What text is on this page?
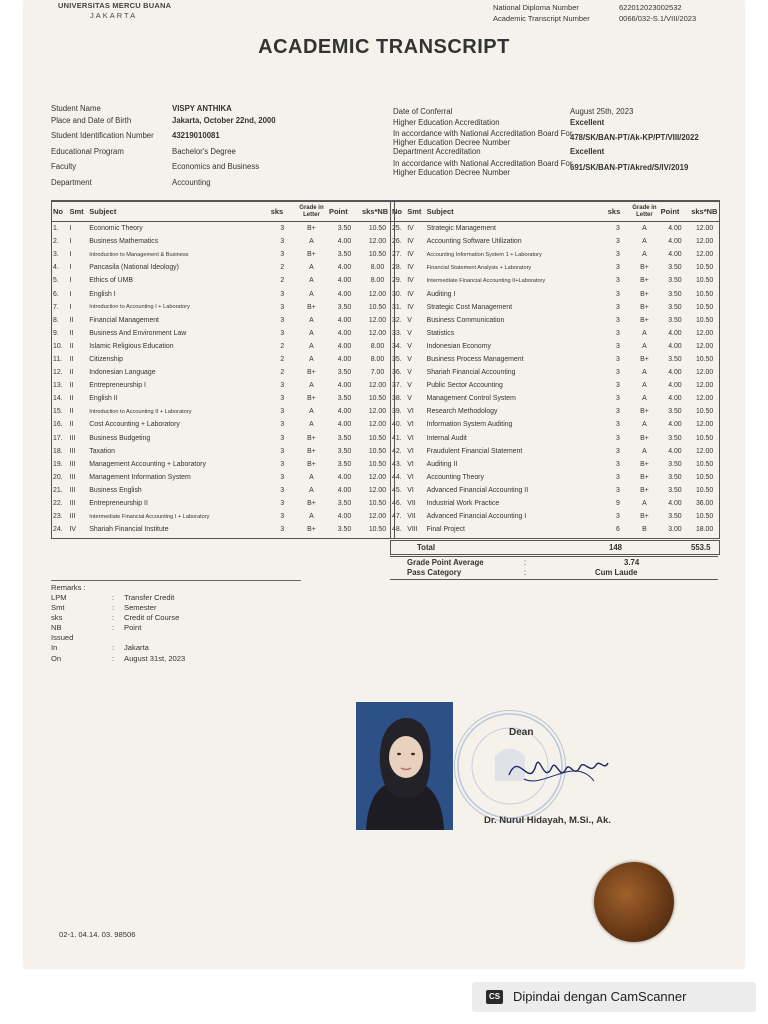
UNIVERSITAS MERCU BUANA
JAKARTA
National Diploma Number	622012023002532
Academic Transcript Number	0066/032-S.1/VIII/2023
ACADEMIC TRANSCRIPT
Student Name	VISPY ANTHIKA
Place and Date of Birth	Jakarta, October 22nd, 2000
Student Identification Number 43219010081
Educational Program	Bachelor's Degree
Faculty	Economics and Business
Department	Accounting
Date of Conferral	August 25th, 2023
Higher Education Accreditation	Excellent
In accordance with National Accreditation Board For Higher Education Decree Number
478/SK/BAN-PT/Ak-KP/PT/VIII/2022
Department Accreditation	Excellent
In accordance with National Accreditation Board For Higher Education Decree Number
691/SK/BAN-PT/Akred/S/IV/2019
No	Smt	Subject	sks	Grade in Letter	Point	sks*NB
1.	I	Economic Theory	3	B+	3.50	10.50
2.	I	Business Mathematics	3	A	4.00	12.00
3.	I	Introduction to Management & Business	3	B+	3.50	10.50
4.	I	Pancasila (National Ideology)	2	A	4.00	8.00
5.	I	Ethics of UMB	2	A	4.00	8.00
6.	I	English I	3	A	4.00	12.00
7.	I	Introduction to Accounting I + Laboratory	3	B+	3.50	10.50
8.	II	Financial Management	3	A	4.00	12.00
9.	II	Business And Environment Law	3	A	4.00	12.00
10.	II	Islamic Religious Education	2	A	4.00	8.00
11.	II	Citizenship	2	A	4.00	8.00
12.	II	Indonesian Language	2	B+	3.50	7.00
13.	II	Entrepreneurship I	3	A	4.00	12.00
14.	II	English II	3	B+	3.50	10.50
15.	II	Introduction to Accounting II + Laboratory	3	A	4.00	12.00
16.	II	Cost Accounting + Laboratory	3	A	4.00	12.00
17.	III	Business Budgeting	3	B+	3.50	10.50
18.	III	Taxation	3	B+	3.50	10.50
19.	III	Management Accounting + Laboratory	3	B+	3.50	10.50
20.	III	Management Information System	3	A	4.00	12.00
21.	III	Business English	3	A	4.00	12.00
22.	III	Entrepreneurship II	3	B+	3.50	10.50
23.	III	Intermediate Financial Accounting I + Laboratory	3	A	4.00	12.00
24.	IV	Shariah Financial Institute	3	B+	3.50	10.50
No	Smt	Subject	sks	Grade in Letter	Point	sks*NB
25.	IV	Strategic Management	3	A	4.00	12.00
26.	IV	Accounting Software Utilization	3	A	4.00	12.00
27.	IV	Accounting Information System 1 + Laboratory	3	A	4.00	12.00
28.	IV	Financial Statement Analysis + Laboratory	3	B+	3.50	10.50
29.	IV	Intermediate Financial Accounting II+Laboratory	3	B+	3.50	10.50
30.	IV	Auditing I	3	B+	3.50	10.50
31.	IV	Strategic Cost Management	3	B+	3.50	10.50
32.	V	Business Communication	3	B+	3.50	10.50
33.	V	Statistics	3	A	4.00	12.00
34.	V	Indonesian Economy	3	A	4.00	12.00
35.	V	Business Process Management	3	B+	3.50	10.50
36.	V	Shariah Financial Accounting	3	A	4.00	12.00
37.	V	Public Sector Accounting	3	A	4.00	12.00
38.	V	Management Control System	3	A	4.00	12.00
39.	VI	Research Methodology	3	B+	3.50	10.50
40.	VI	Information System Auditing	3	A	4.00	12.00
41.	VI	Internal Audit	3	B+	3.50	10.50
42.	VI	Fraudulent Financial Statement	3	A	4.00	12.00
43.	VI	Auditing II	3	B+	3.50	10.50
44.	VI	Accounting Theory	3	B+	3.50	10.50
45.	VI	Advanced Financial Accounting II	3	B+	3.50	10.50
46.	VII	Industrial Work Practice	9	A	4.00	36.00
47.	VII	Advanced Financial Accounting I	3	B+	3.50	10.50
48.	VIII	Final Project	6	B	3.00	18.00
Total	148	553.5
Grade Point Average	:	3.74
Pass Category	:	Cum Laude
Remarks :
LPM	: Transfer Credit
Smt	: Semester
sks	: Credit of Course
NB	: Point
Issued
In	: Jakarta
On	: August 31st, 2023
Dean
Dr. Nurul Hidayah, M.Si., Ak.
02-1. 04.14. 03. 98506
CS Dipindai dengan CamScanner
